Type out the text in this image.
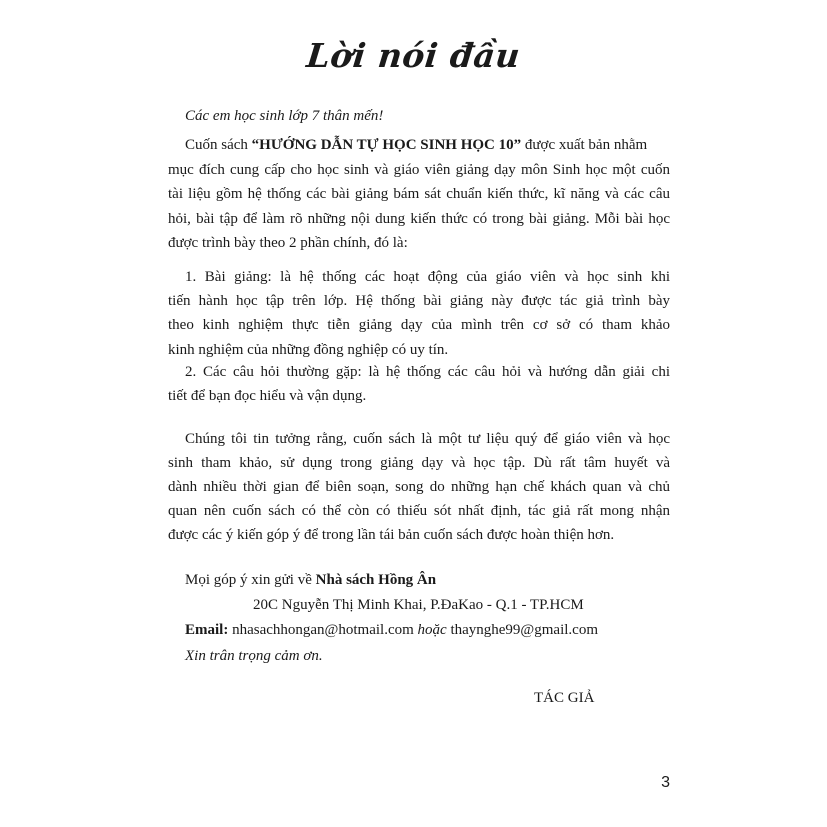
Lời nói đầu
Các em học sinh lớp 7 thân mến!
Cuốn sách “HƯỚNG DẪN TỰ HỌC SINH HỌC 10” được xuất bản nhằm
mục đích cung cấp cho học sinh và giáo viên giảng dạy môn Sinh học một cuốn
tài liệu gồm hệ thống các bài giảng bám sát chuẩn kiến thức, kĩ năng và các câu
hỏi, bài tập để làm rõ những nội dung kiến thức có trong bài giảng. Mỗi bài học
được trình bày theo 2 phần chính, đó là:
1. Bài giảng: là hệ thống các hoạt động của giáo viên và học sinh khi
tiến hành học tập trên lớp. Hệ thống bài giảng này được tác giả trình bày
theo kinh nghiệm thực tiễn giảng dạy của mình trên cơ sở có tham khảo
kinh nghiệm của những đồng nghiệp có uy tín.
2. Các câu hỏi thường gặp: là hệ thống các câu hỏi và hướng dẫn giải chi
tiết để bạn đọc hiểu và vận dụng.
Chúng tôi tin tưởng rằng, cuốn sách là một tư liệu quý để giáo viên và học
sinh tham khảo, sử dụng trong giảng dạy và học tập. Dù rất tâm huyết và
dành nhiều thời gian để biên soạn, song do những hạn chế khách quan và chủ
quan nên cuốn sách có thể còn có thiếu sót nhất định, tác giả rất mong nhận
được các ý kiến góp ý để trong lần tái bản cuốn sách được hoàn thiện hơn.
Mọi góp ý xin gửi về Nhà sách Hồng Ân
20C Nguyễn Thị Minh Khai, P.ĐaKao - Q.1 - TP.HCM
Email: nhasachhongan@hotmail.com hoặc thaynghe99@gmail.com
Xin trân trọng cảm ơn.
TÁC GIẢ
3
